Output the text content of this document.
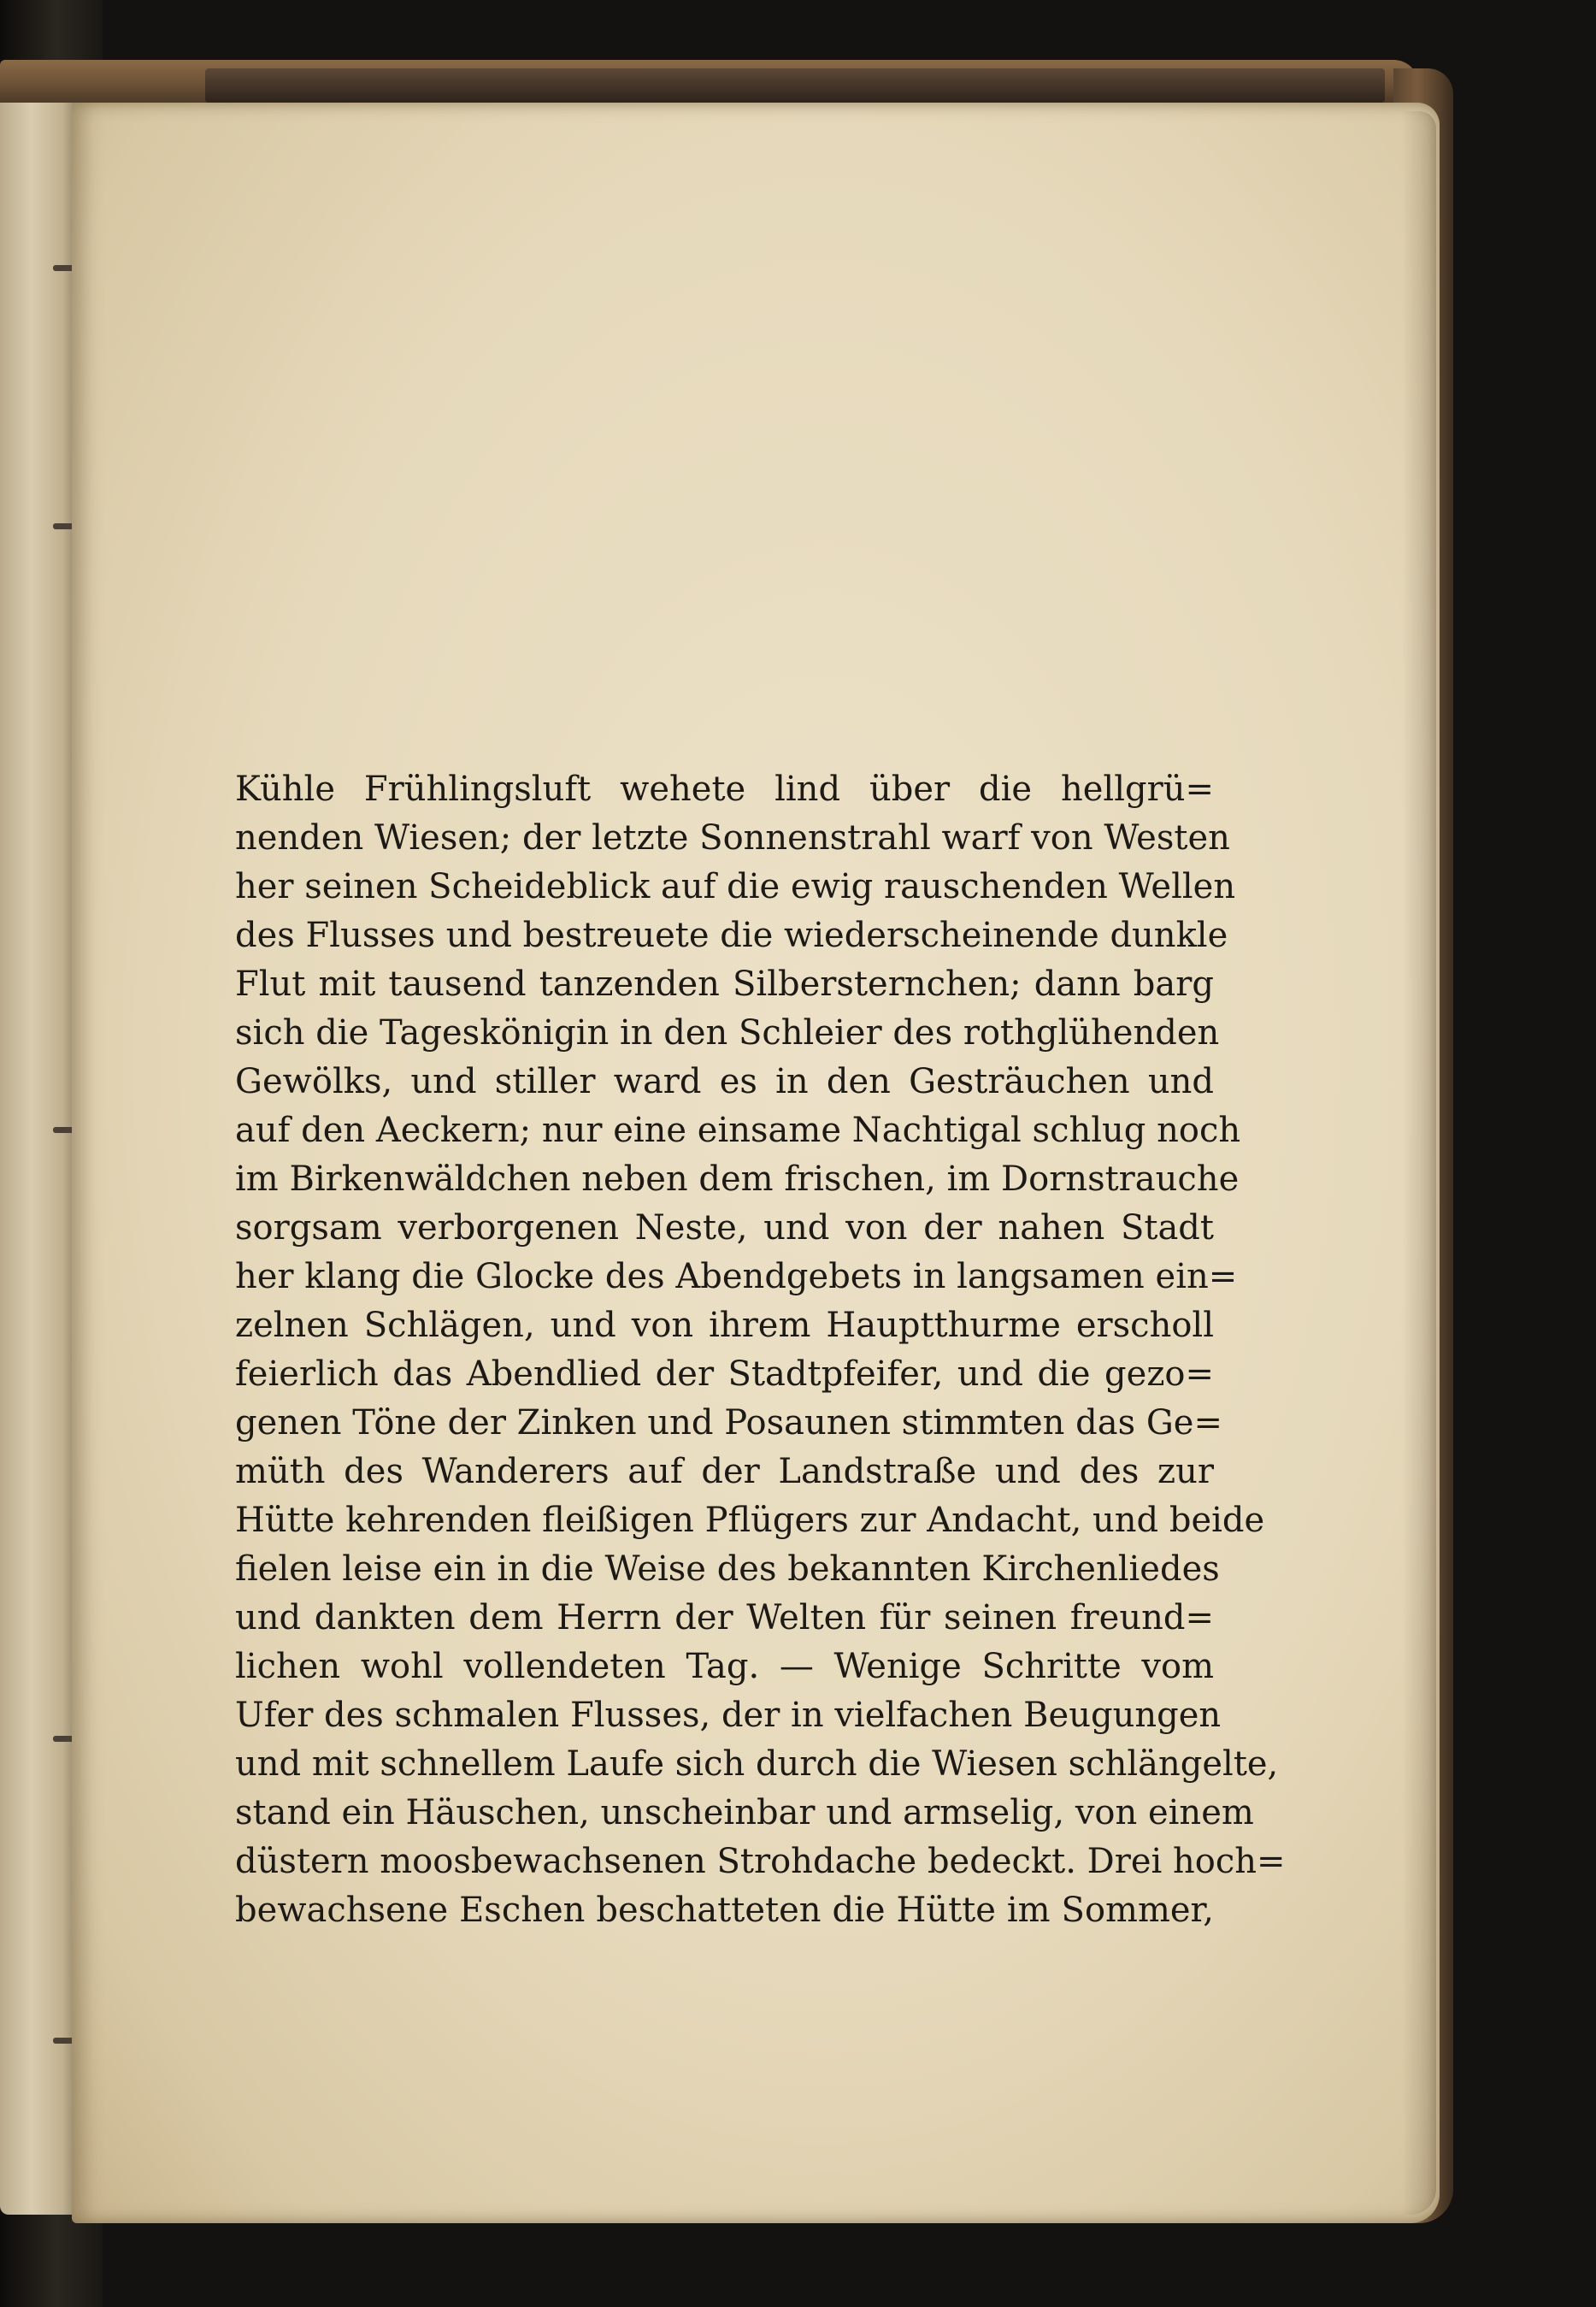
Kühle Frühlingsluft wehete lind über die hellgrü=
nenden Wiesen; der letzte Sonnenstrahl warf von Westen
her seinen Scheideblick auf die ewig rauschenden Wellen
des Flusses und bestreuete die wiederscheinende dunkle
Flut mit tausend tanzenden Silbersternchen; dann barg
sich die Tageskönigin in den Schleier des rothglühenden
Gewölks, und stiller ward es in den Gesträuchen und
auf den Aeckern; nur eine einsame Nachtigal schlug noch
im Birkenwäldchen neben dem frischen, im Dornstrauche
sorgsam verborgenen Neste, und von der nahen Stadt
her klang die Glocke des Abendgebets in langsamen ein=
zelnen Schlägen, und von ihrem Hauptthurme erscholl
feierlich das Abendlied der Stadtpfeifer, und die gezo=
genen Töne der Zinken und Posaunen stimmten das Ge=
müth des Wanderers auf der Landstraße und des zur
Hütte kehrenden fleißigen Pflügers zur Andacht, und beide
fielen leise ein in die Weise des bekannten Kirchenliedes
und dankten dem Herrn der Welten für seinen freund=
lichen wohl vollendeten Tag. — Wenige Schritte vom
Ufer des schmalen Flusses, der in vielfachen Beugungen
und mit schnellem Laufe sich durch die Wiesen schlängelte,
stand ein Häuschen, unscheinbar und armselig, von einem
düstern moosbewachsenen Strohdache bedeckt. Drei hoch=
bewachsene Eschen beschatteten die Hütte im Sommer,
